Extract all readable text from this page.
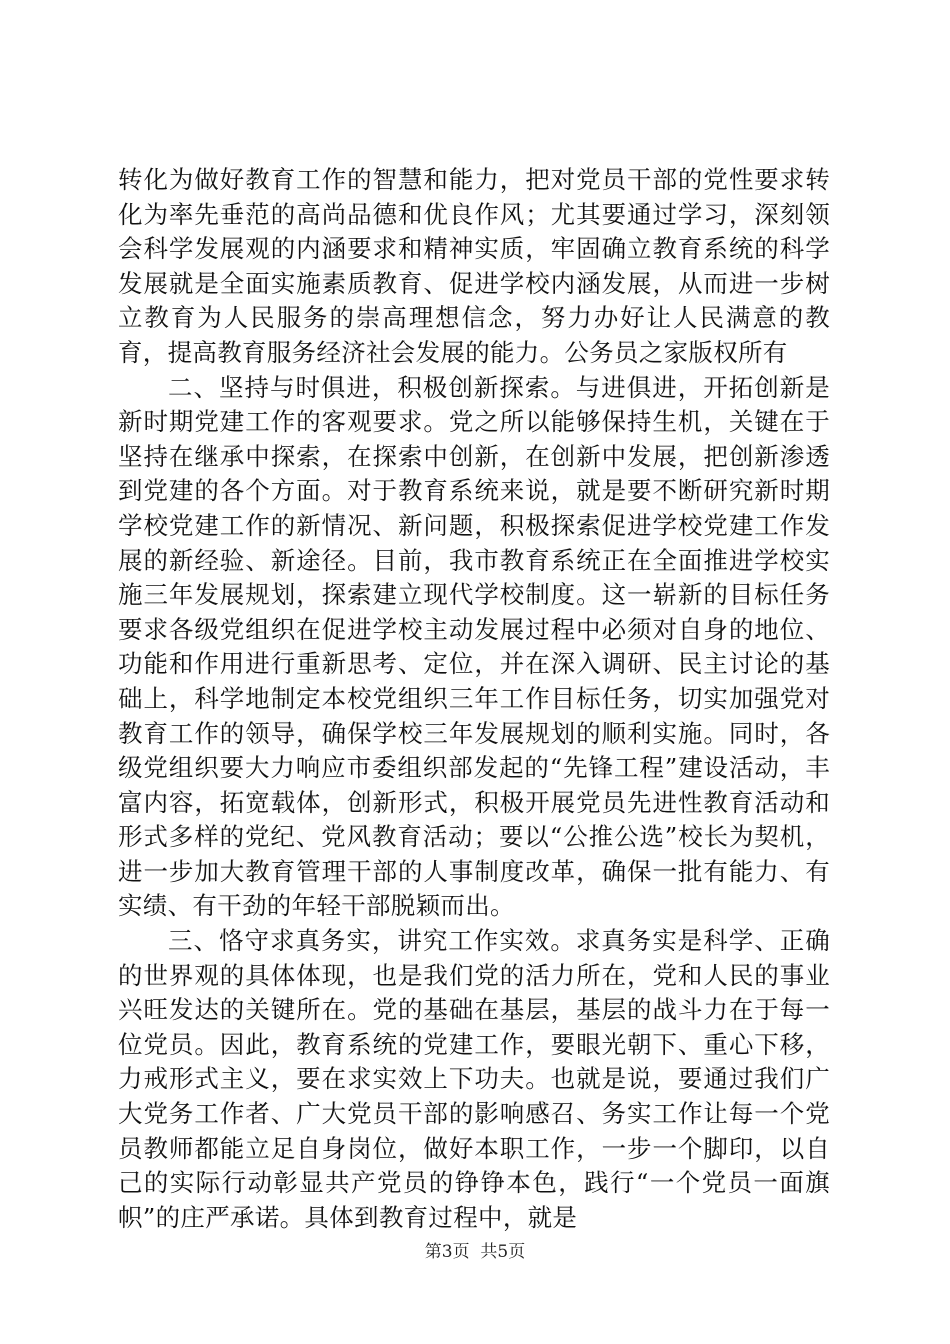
转化为做好教育工作的智慧和能力，把对党员干部的党性要求转化为率先垂范的高尚品德和优良作风；尤其要通过学习，深刻领会科学发展观的内涵要求和精神实质，牢固确立教育系统的科学发展就是全面实施素质教育、促进学校内涵发展，从而进一步树立教育为人民服务的崇高理想信念，努力办好让人民满意的教育，提高教育服务经济社会发展的能力。公务员之家版权所有

二、坚持与时俱进，积极创新探索。与进俱进，开拓创新是新时期党建工作的客观要求。党之所以能够保持生机，关键在于坚持在继承中探索，在探索中创新，在创新中发展，把创新渗透到党建的各个方面。对于教育系统来说，就是要不断研究新时期学校党建工作的新情况、新问题，积极探索促进学校党建工作发展的新经验、新途径。目前，我市教育系统正在全面推进学校实施三年发展规划，探索建立现代学校制度。这一崭新的目标任务要求各级党组织在促进学校主动发展过程中必须对自身的地位、功能和作用进行重新思考、定位，并在深入调研、民主讨论的基础上，科学地制定本校党组织三年工作目标任务，切实加强党对教育工作的领导，确保学校三年发展规划的顺利实施。同时，各级党组织要大力响应市委组织部发起的“先锋工程”建设活动，丰富内容，拓宽载体，创新形式，积极开展党员先进性教育活动和形式多样的党纪、党风教育活动；要以“公推公选”校长为契机，进一步加大教育管理干部的人事制度改革，确保一批有能力、有实绩、有干劲的年轻干部脱颖而出。

三、恪守求真务实，讲究工作实效。求真务实是科学、正确的世界观的具体体现，也是我们党的活力所在，党和人民的事业兴旺发达的关键所在。党的基础在基层，基层的战斗力在于每一位党员。因此，教育系统的党建工作，要眼光朝下、重心下移，力戒形式主义，要在求实效上下功夫。也就是说，要通过我们广大党务工作者、广大党员干部的影响感召、务实工作让每一个党员教师都能立足自身岗位，做好本职工作，一步一个脚印，以自己的实际行动彰显共产党员的铮铮本色，践行“一个党员一面旗帜”的庄严承诺。具体到教育过程中，就是

第3页 共5页
